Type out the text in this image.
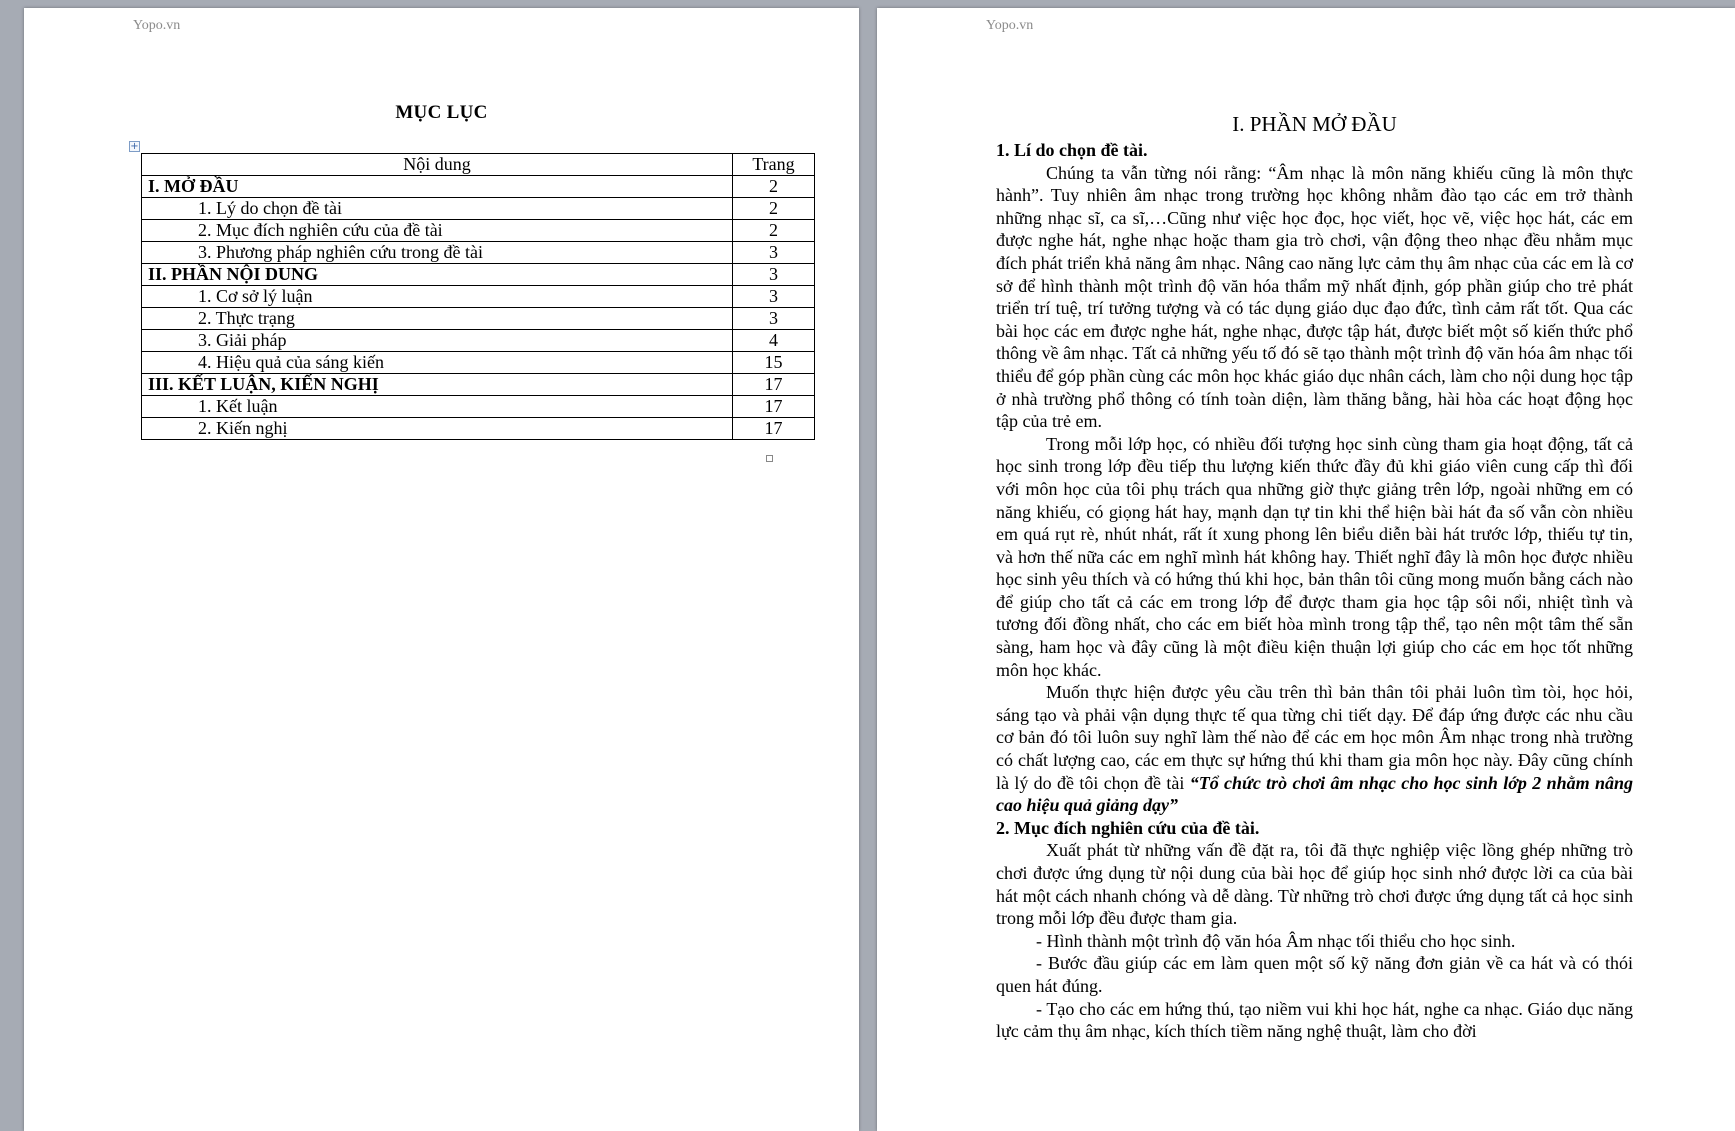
Yopo.vn
MỤC LỤC
+
Nội dung	Trang
I. MỞ ĐẦU	2
1. Lý do chọn đề tài	2
2. Mục đích nghiên cứu của đề tài	2
3. Phương pháp nghiên cứu trong đề tài	3
II. PHẦN NỘI DUNG	3
1. Cơ sở lý luận	3
2. Thực trạng	3
3. Giải pháp	4
4. Hiệu quả của sáng kiến	15
III. KẾT LUẬN, KIẾN NGHỊ	17
1. Kết luận	17
2. Kiến nghị	17
Yopo.vn

I. PHẦN MỞ ĐẦU

1. Lí do chọn đề tài.

Chúng ta vẫn từng nói rằng: “Âm nhạc là môn năng khiếu cũng là môn thực hành”. Tuy nhiên âm nhạc trong trường học không nhằm đào tạo các em trở thành những nhạc sĩ, ca sĩ,…Cũng như việc học đọc, học viết, học vẽ, việc học hát, các em được nghe hát, nghe nhạc hoặc tham gia trò chơi, vận động theo nhạc đều nhằm mục đích phát triển khả năng âm nhạc. Nâng cao năng lực cảm thụ âm nhạc của các em là cơ sở để hình thành một trình độ văn hóa thẩm mỹ nhất định, góp phần giúp cho trẻ phát triển trí tuệ, trí tưởng tượng và có tác dụng giáo dục đạo đức, tình cảm rất tốt. Qua các bài học các em được nghe hát, nghe nhạc, được tập hát, được biết một số kiến thức phổ thông về âm nhạc. Tất cả những yếu tố đó sẽ tạo thành một trình độ văn hóa âm nhạc tối thiểu để góp phần cùng các môn học khác giáo dục nhân cách, làm cho nội dung học tập ở nhà trường phổ thông có tính toàn diện, làm thăng bằng, hài hòa các hoạt động học tập của trẻ em.

Trong mỗi lớp học, có nhiều đối tượng học sinh cùng tham gia hoạt động, tất cả học sinh trong lớp đều tiếp thu lượng kiến thức đầy đủ khi giáo viên cung cấp thì đối với môn học của tôi phụ trách qua những giờ thực giảng trên lớp, ngoài những em có năng khiếu, có giọng hát hay, mạnh dạn tự tin khi thể hiện bài hát đa số vẫn còn nhiều em quá rụt rè, nhút nhát, rất ít xung phong lên biểu diễn bài hát trước lớp, thiếu tự tin, và hơn thế nữa các em nghĩ mình hát không hay. Thiết nghĩ đây là môn học được nhiều học sinh yêu thích và có hứng thú khi học, bản thân tôi cũng mong muốn bằng cách nào để giúp cho tất cả các em trong lớp để được tham gia học tập sôi nổi, nhiệt tình và tương đối đồng nhất, cho các em biết hòa mình trong tập thể, tạo nên một tâm thế sẵn sàng, ham học và đây cũng là một điều kiện thuận lợi giúp cho các em học tốt những môn học khác.

Muốn thực hiện được yêu cầu trên thì bản thân tôi phải luôn tìm tòi, học hỏi, sáng tạo và phải vận dụng thực tế qua từng chi tiết dạy. Để đáp ứng được các nhu cầu cơ bản đó tôi luôn suy nghĩ làm thế nào để các em học môn Âm nhạc trong nhà trường có chất lượng cao, các em thực sự hứng thú khi tham gia môn học này. Đây cũng chính là lý do đề tôi chọn đề tài “Tổ chức trò chơi âm nhạc cho học sinh lớp 2 nhằm nâng cao hiệu quả giảng dạy”

2. Mục đích nghiên cứu của đề tài.

Xuất phát từ những vấn đề đặt ra, tôi đã thực nghiệp việc lồng ghép những trò chơi được ứng dụng từ nội dung của bài học để giúp học sinh nhớ được lời ca của bài hát một cách nhanh chóng và dễ dàng. Từ những trò chơi được ứng dụng tất cả học sinh trong mỗi lớp đều được tham gia.

- Hình thành một trình độ văn hóa Âm nhạc tối thiểu cho học sinh.

- Bước đầu giúp các em làm quen một số kỹ năng đơn giản về ca hát và có thói quen hát đúng.

- Tạo cho các em hứng thú, tạo niềm vui khi học hát, nghe ca nhạc. Giáo dục năng lực cảm thụ âm nhạc, kích thích tiềm năng nghệ thuật, làm cho đời
